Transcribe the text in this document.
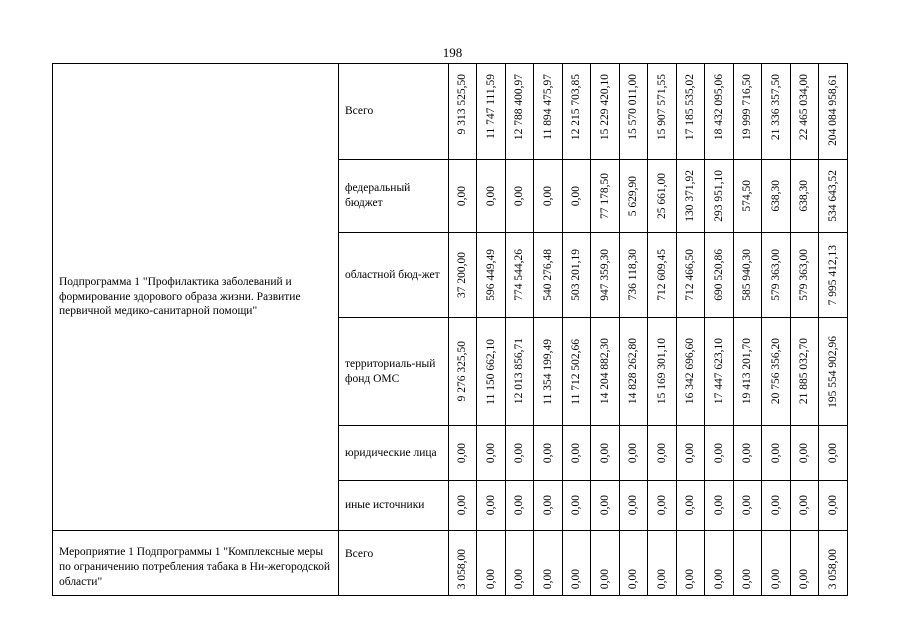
198
Подпрограмма 1 "Профилактика заболеваний и формирование здорового образа жизни. Развитие первичной медико-санитарной помощи"	Всего	9 313 525,50	11 747 111,59	12 788 400,97	11 894 475,97	12 215 703,85	15 229 420,10	15 570 011,00	15 907 571,55	17 185 535,02	18 432 095,06	19 999 716,50	21 336 357,50	22 465 034,00	204 084 958,61

	федеральный бюджет	0,00	0,00	0,00	0,00	0,00	77 178,50	5 629,90	25 661,00	130 371,92	293 951,10	574,50	638,30	638,30	534 643,52

	областной бюд-жет	37 200,00	596 449,49	774 544,26	540 276,48	503 201,19	947 359,30	736 118,30	712 609,45	712 466,50	690 520,86	585 940,30	579 363,00	579 363,00	7 995 412,13

	территориаль-ный фонд ОМС	9 276 325,50	11 150 662,10	12 013 856,71	11 354 199,49	11 712 502,66	14 204 882,30	14 828 262,80	15 169 301,10	16 342 696,60	17 447 623,10	19 413 201,70	20 756 356,20	21 885 032,70	195 554 902,96

	юридические лица	0,00	0,00	0,00	0,00	0,00	0,00	0,00	0,00	0,00	0,00	0,00	0,00	0,00	0,00

	иные источники	0,00	0,00	0,00	0,00	0,00	0,00	0,00	0,00	0,00	0,00	0,00	0,00	0,00	0,00

Мероприятие 1 Подпрограммы 1 "Комплексные меры по ограничению потребления табака в Ни-жегородской области"	Всего	3 058,00	0,00	0,00	0,00	0,00	0,00	0,00	0,00	0,00	0,00	0,00	0,00	0,00	3 058,00
